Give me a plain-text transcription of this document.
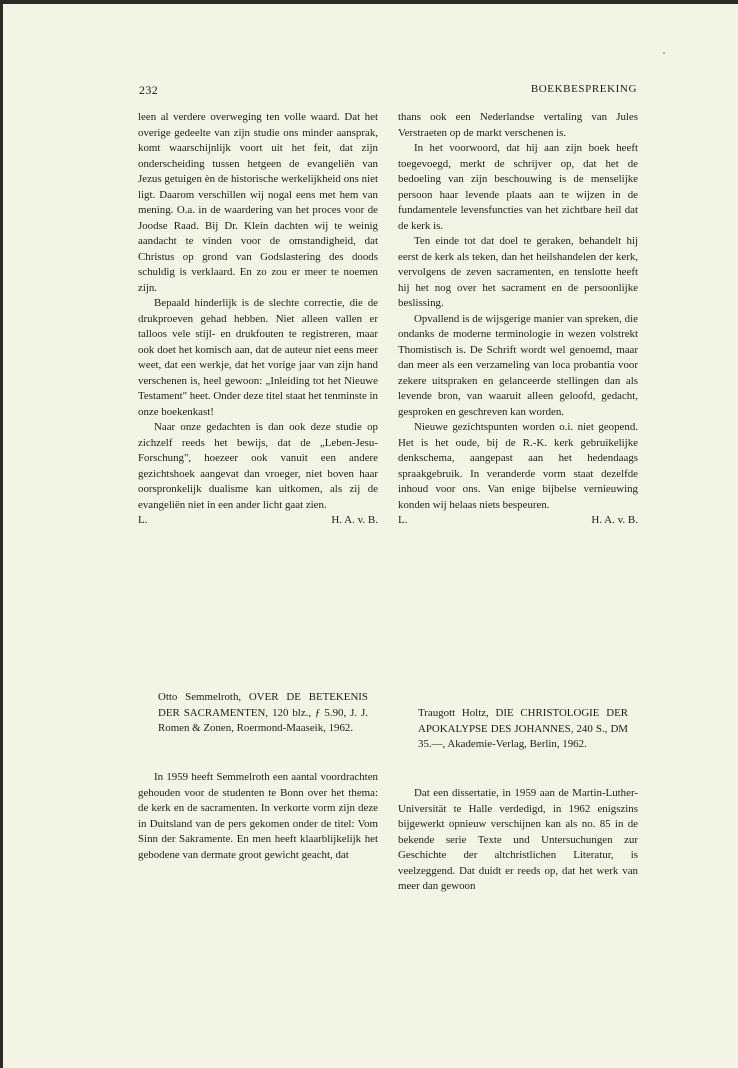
232	BOEKBESPREKING

leen al verdere overweging ten volle waard. Dat het overige gedeelte van zijn studie ons minder aansprak, komt waarschijnlijk voort uit het feit, dat zijn onderscheiding tussen hetgeen de evangeliën van Jezus getuigen èn de historische werkelijkheid ons niet ligt. Daarom verschillen wij nogal eens met hem van mening. O.a. in de waardering van het proces voor de Joodse Raad. Bij Dr. Klein dachten wij te weinig aandacht te vinden voor de omstandigheid, dat Christus op grond van Godslastering des doods schuldig is verklaard. En zo zou er meer te noemen zijn.

Bepaald hinderlijk is de slechte correctie, die de drukproeven gehad hebben. Niet alleen vallen er talloos vele stijl- en drukfouten te registreren, maar ook doet het komisch aan, dat de auteur niet eens meer weet, dat een werkje, dat het vorige jaar van zijn hand verschenen is, heel gewoon: „Inleiding tot het Nieuwe Testament" heet. Onder deze titel staat het tenminste in onze boekenkast!

Naar onze gedachten is dan ook deze studie op zichzelf reeds het bewijs, dat de „Leben-Jesu-Forschung", hoezeer ook vanuit een andere gezichtshoek aangevat dan vroeger, niet boven haar oorspronkelijk dualisme kan uitkomen, als zij de evangeliën niet in een ander licht gaat zien.

L.	H. A. v. B.

thans ook een Nederlandse vertaling van Jules Verstraeten op de markt verschenen is.

In het voorwoord, dat hij aan zijn boek heeft toegevoegd, merkt de schrijver op, dat het de bedoeling van zijn beschouwing is de menselijke persoon haar levende plaats aan te wijzen in de fundamentele levensfuncties van het zichtbare heil dat de kerk is.

Ten einde tot dat doel te geraken, behandelt hij eerst de kerk als teken, dan het heilshandelen der kerk, vervolgens de zeven sacramenten, en tenslotte heeft hij het nog over het sacrament en de persoonlijke beslissing.

Opvallend is de wijsgerige manier van spreken, die ondanks de moderne terminologie in wezen volstrekt Thomistisch is. De Schrift wordt wel genoemd, maar dan meer als een verzameling van loca probantia voor zekere uitspraken en gelanceerde stellingen dan als levende bron, van waaruit alleen geloofd, gedacht, gesproken en geschreven kan worden.

Nieuwe gezichtspunten worden o.i. niet geopend. Het is het oude, bij de R.-K. kerk gebruikelijke denkschema, aangepast aan het hedendaags spraakgebruik. In veranderde vorm staat dezelfde inhoud voor ons. Van enige bijbelse vernieuwing konden wij helaas niets bespeuren.

L.	H. A. v. B.

Otto Semmelroth, OVER DE BETEKENIS DER SACRAMENTEN, 120 blz., ƒ 5.90, J. J. Romen & Zonen, Roermond-Maaseik, 1962.

Traugott Holtz, DIE CHRISTOLOGIE DER APOKALYPSE DES JOHANNES, 240 S., DM 35.—, Akademie-Verlag, Berlin, 1962.

In 1959 heeft Semmelroth een aantal voordrachten gehouden voor de studenten te Bonn over het thema: de kerk en de sacramenten. In verkorte vorm zijn deze in Duitsland van de pers gekomen onder de titel: Vom Sinn der Sakramente. En men heeft klaarblijkelijk het gebodene van dermate groot gewicht geacht, dat

Dat een dissertatie, in 1959 aan de Martin-Luther-Universität te Halle verdedigd, in 1962 enigszins bijgewerkt opnieuw verschijnen kan als no. 85 in de bekende serie Texte und Untersuchungen zur Geschichte der altchristlichen Literatur, is veelzeggend. Dat duidt er reeds op, dat het werk van meer dan gewoon
